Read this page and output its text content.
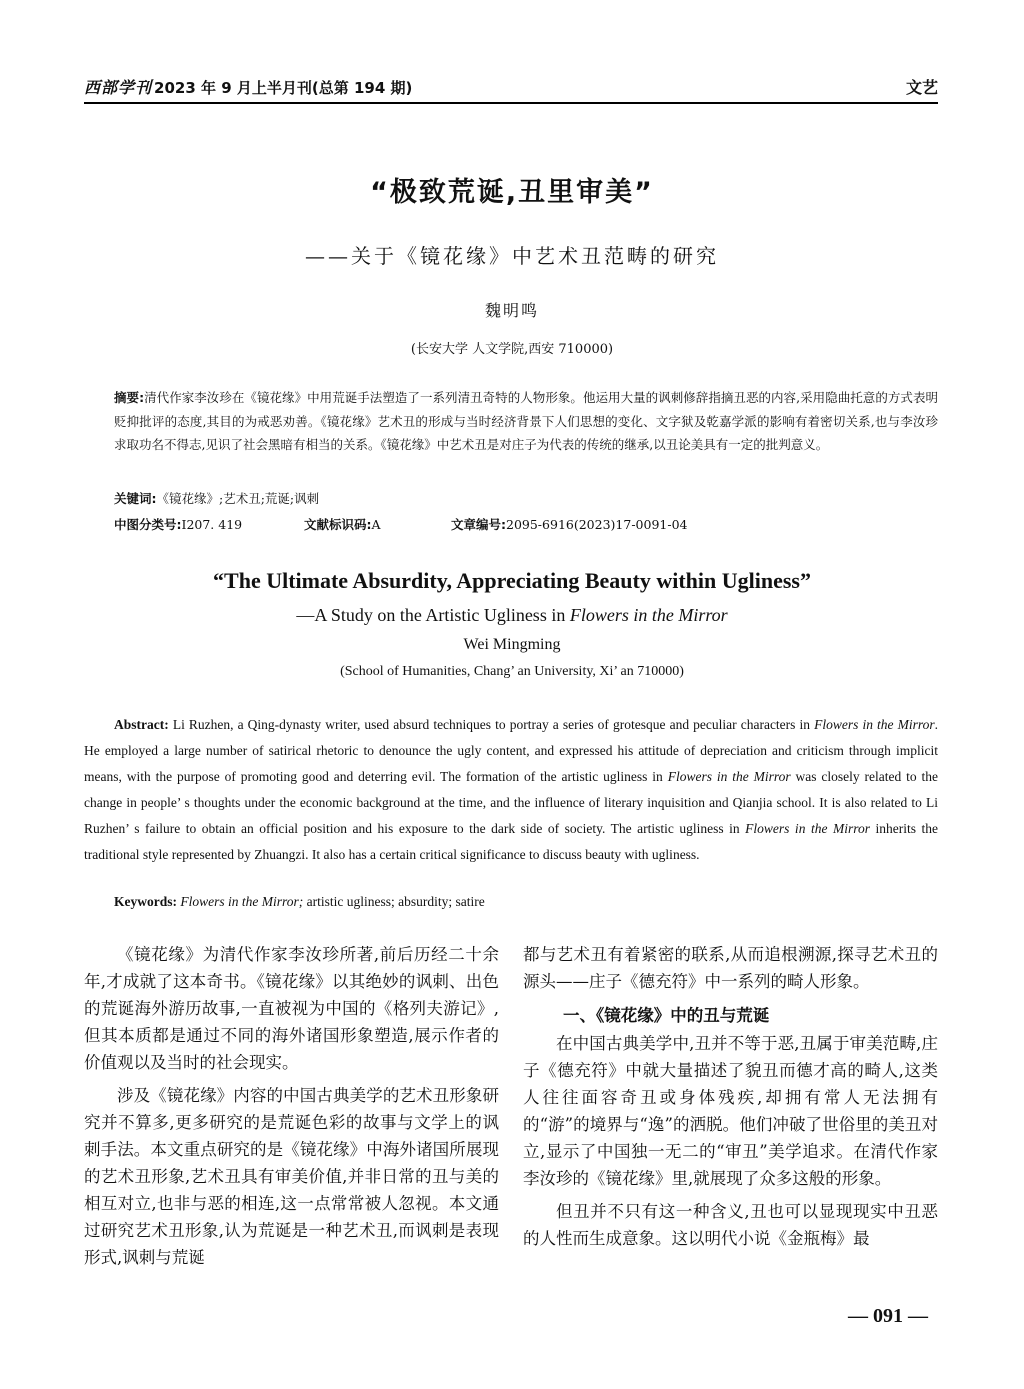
西部学刊 2023 年 9 月上半月刊(总第 194 期)	文艺
“极致荒诞,丑里审美”
——关于《镜花缘》中艺术丑范畴的研究
魏明鸣
(长安大学 人文学院,西安 710000)
摘要:清代作家李汝珍在《镜花缘》中用荒诞手法塑造了一系列清丑奇特的人物形象。他运用大量的讽刺修辞指摘丑恶的内容,采用隐曲托意的方式表明贬抑批评的态度,其目的为戒恶劝善。《镜花缘》艺术丑的形成与当时经济背景下人们思想的变化、文字狱及乾嘉学派的影响有着密切关系,也与李汝珍求取功名不得志,见识了社会黑暗有相当的关系。《镜花缘》中艺术丑是对庄子为代表的传统的继承,以丑论美具有一定的批判意义。
关键词:《镜花缘》;艺术丑;荒诞;讽刺
中图分类号:I207. 419	文献标识码:A	文章编号:2095-6916(2023)17-0091-04
“The Ultimate Absurdity, Appreciating Beauty within Ugliness”
—A Study on the Artistic Ugliness in Flowers in the Mirror
Wei Mingming
(School of Humanities, Chang’ an University, Xi’ an 710000)
Abstract: Li Ruzhen, a Qing-dynasty writer, used absurd techniques to portray a series of grotesque and peculiar characters in Flowers in the Mirror. He employed a large number of satirical rhetoric to denounce the ugly content, and expressed his attitude of depreciation and criticism through implicit means, with the purpose of promoting good and deterring evil. The formation of the artistic ugliness in Flowers in the Mirror was closely related to the change in people’ s thoughts under the economic background at the time, and the influence of literary inquisition and Qianjia school. It is also related to Li Ruzhen’ s failure to obtain an official position and his exposure to the dark side of society. The artistic ugliness in Flowers in the Mirror inherits the traditional style represented by Zhuangzi. It also has a certain critical significance to discuss beauty with ugliness.
Keywords: Flowers in the Mirror; artistic ugliness; absurdity; satire

《镜花缘》为清代作家李汝珍所著,前后历经二十余年,才成就了这本奇书。《镜花缘》以其绝妙的讽刺、出色的荒诞海外游历故事,一直被视为中国的《格列夫游记》,但其本质都是通过不同的海外诸国形象塑造,展示作者的价值观以及当时的社会现实。

涉及《镜花缘》内容的中国古典美学的艺术丑形象研究并不算多,更多研究的是荒诞色彩的故事与文学上的讽刺手法。本文重点研究的是《镜花缘》中海外诸国所展现的艺术丑形象,艺术丑具有审美价值,并非日常的丑与美的相互对立,也非与恶的相连,这一点常常被人忽视。本文通过研究艺术丑形象,认为荒诞是一种艺术丑,而讽刺是表现形式,讽刺与荒诞

都与艺术丑有着紧密的联系,从而追根溯源,探寻艺术丑的源头——庄子《德充符》中一系列的畸人形象。

一、《镜花缘》中的丑与荒诞

在中国古典美学中,丑并不等于恶,丑属于审美范畴,庄子《德充符》中就大量描述了貌丑而德才高的畸人,这类人往往面容奇丑或身体残疾,却拥有常人无法拥有的“游”的境界与“逸”的洒脱。他们冲破了世俗里的美丑对立,显示了中国独一无二的“审丑”美学追求。在清代作家李汝珍的《镜花缘》里,就展现了众多这般的形象。

但丑并不只有这一种含义,丑也可以显现现实中丑恶的人性而生成意象。这以明代小说《金瓶梅》最

— 091 —
